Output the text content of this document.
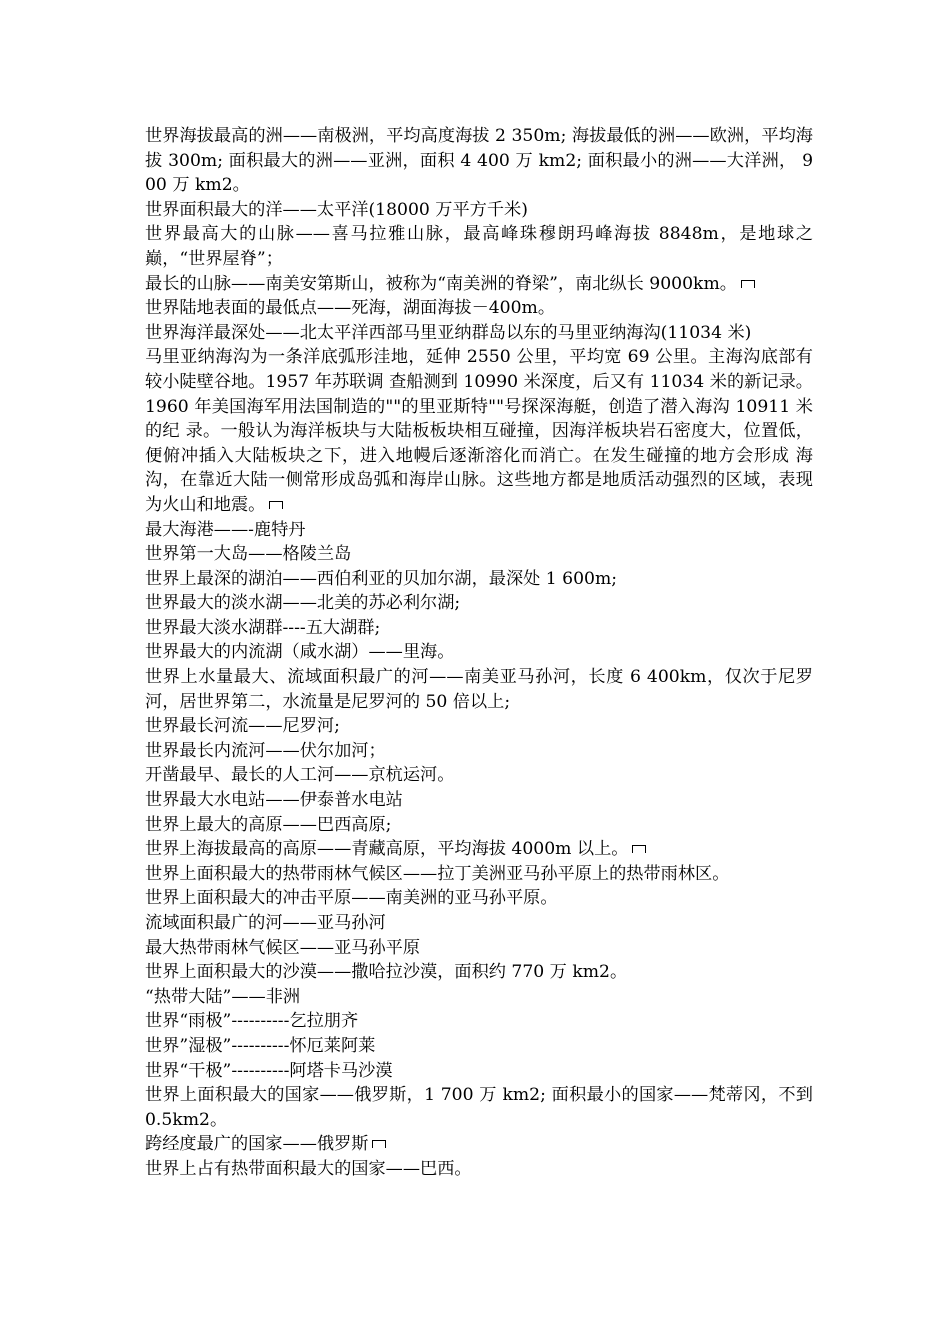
世界海拔最高的洲——南极洲，平均高度海拔 2 350m; 海拔最低的洲——欧洲，平均海拔 300m; 面积最大的洲——亚洲，面积 4 400 万 km2; 面积最小的洲——大洋洲， 900 万 km2。
世界面积最大的洋——太平洋(18000 万平方千米)
世界最高大的山脉——喜马拉雅山脉，最高峰珠穆朗玛峰海拔 8848m，是地球之巅，“世界屋脊”；
最长的山脉——南美安第斯山，被称为“南美洲的脊梁”，南北纵长 9000km。
世界陆地表面的最低点——死海，湖面海拔－400m。
世界海洋最深处——北太平洋西部马里亚纳群岛以东的马里亚纳海沟(11034 米)
马里亚纳海沟为一条洋底弧形洼地，延伸 2550 公里，平均宽 69 公里。主海沟底部有较小陡壁谷地。1957 年苏联调 查船测到 10990 米深度，后又有 11034 米的新记录。1960 年美国海军用法国制造的""的里亚斯特""号探深海艇，创造了潜入海沟 10911 米的纪 录。一般认为海洋板块与大陆板板块相互碰撞，因海洋板块岩石密度大，位置低，便俯冲插入大陆板块之下，进入地幔后逐渐溶化而消亡。在发生碰撞的地方会形成 海沟，在靠近大陆一侧常形成岛弧和海岸山脉。这些地方都是地质活动强烈的区域，表现为火山和地震。
最大海港——-鹿特丹
世界第一大岛——格陵兰岛
世界上最深的湖泊——西伯利亚的贝加尔湖，最深处 1 600m;
世界最大的淡水湖——北美的苏必利尔湖;
世界最大淡水湖群----五大湖群;
世界最大的内流湖（咸水湖）——里海。
世界上水量最大、流域面积最广的河——南美亚马孙河，长度 6 400km，仅次于尼罗河，居世界第二，水流量是尼罗河的 50 倍以上;
世界最长河流——尼罗河;
世界最长内流河——伏尔加河；
开凿最早、最长的人工河——京杭运河。
世界最大水电站——伊泰普水电站
世界上最大的高原——巴西高原;
世界上海拔最高的高原——青藏高原，平均海拔 4000m 以上。
世界上面积最大的热带雨林气候区——拉丁美洲亚马孙平原上的热带雨林区。
世界上面积最大的冲击平原——南美洲的亚马孙平原。
流域面积最广的河——亚马孙河
最大热带雨林气候区——亚马孙平原
世界上面积最大的沙漠——撒哈拉沙漠，面积约 770 万 km2。
“热带大陆”——非洲
世界“雨极”----------乞拉朋齐
世界”湿极”----------怀厄莱阿莱
世界“干极”----------阿塔卡马沙漠
世界上面积最大的国家——俄罗斯，1 700 万 km2; 面积最小的国家——梵蒂冈，不到 0.5km2。
跨经度最广的国家——俄罗斯
世界上占有热带面积最大的国家——巴西。
